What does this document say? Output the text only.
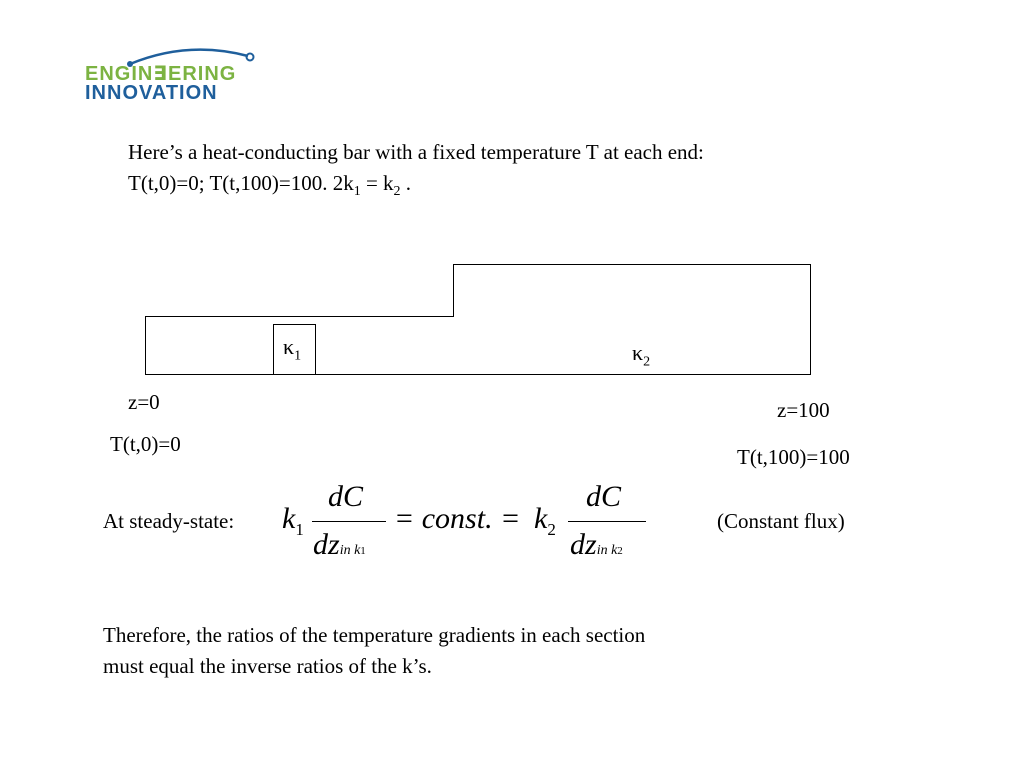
ENGIN∃ERING
INNOVATION
Here’s a heat-conducting bar with a fixed temperature T at each end:
T(t,0)=0; T(t,100)=100. $2k_1 = k_2$ .
$\kappa_1$	$\kappa_2$
z=0
T(t,0)=0
z=100
T(t,100)=100
At steady-state: $k_1$
dC
dzin k1
= const. = $k_2$
dC
dzin k2
(Constant flux)
Therefore, the ratios of the temperature gradients in each section
must equal the inverse ratios of the k’s.
